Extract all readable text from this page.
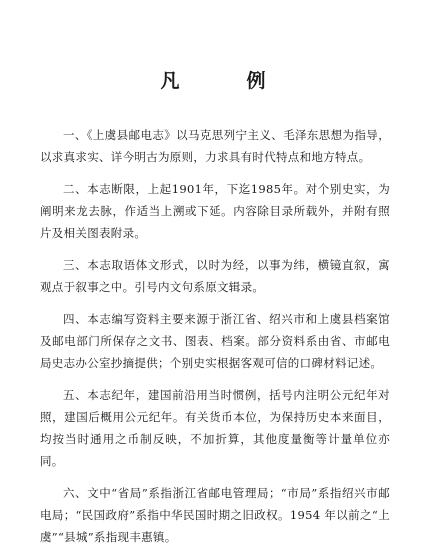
凡　例

一、《上虞县邮电志》以马克思列宁主义、毛泽东思想为指导，以求真求实、详今明古为原则，力求具有时代特点和地方特点。

二、本志断限，上起1901年，下迄1985年。对个别史实，为阐明来龙去脉，作适当上溯或下延。内容除目录所载外，并附有照片及相关图表附录。

三、本志取语体文形式，以时为经，以事为纬，横镜直叙，寓观点于叙事之中。引号内文句系原文辑录。

四、本志编写资料主要来源于浙江省、绍兴市和上虞县档案馆及邮电部门所保存之文书、图表、档案。部分资料系由省、市邮电局史志办公室抄摘提供；个别史实根据客观可信的口碑材料记述。

五、本志纪年，建国前沿用当时惯例，括号内注明公元纪年对照，建国后概用公元纪年。有关货币本位，为保持历史本来面目，均按当时通用之币制反映，不加折算，其他度量衡等计量单位亦同。

六、文中“省局”系指浙江省邮电管理局；“市局”系指绍兴市邮电局；“民国政府”系指中华民国时期之旧政权。1954 年以前之“上虞”“县城”系指现丰惠镇。
